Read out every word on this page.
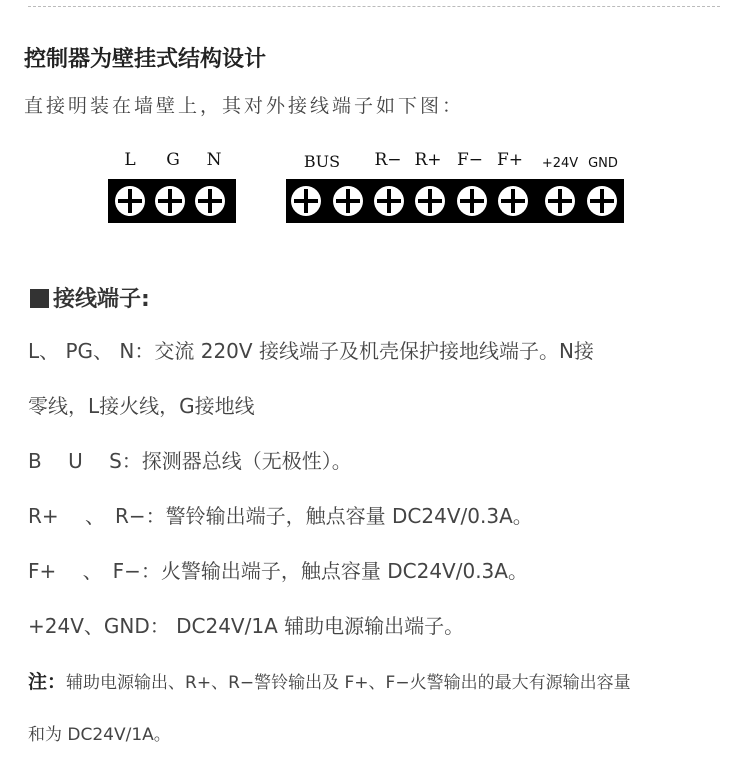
控制器为壁挂式结构设计
直接明装在墙壁上，其对外接线端子如下图：
L	G	N	BUS	R− R+ F− F+	+24V GND
接线端子:
L、 PG、 N：交流 220V 接线端子及机壳保护接地线端子。N接
零线，L接火线，G接地线
B　 U　 S：探测器总线（无极性）。
R+　 、　R−：警铃输出端子，触点容量 DC24V/0.3A。
F+　 、　F−：火警输出端子，触点容量 DC24V/0.3A。
+24V、GND： DC24V/1A 辅助电源输出端子。
注：辅助电源输出、R+、R−警铃输出及 F+、F−火警输出的最大有源输出容量
和为 DC24V/1A。
